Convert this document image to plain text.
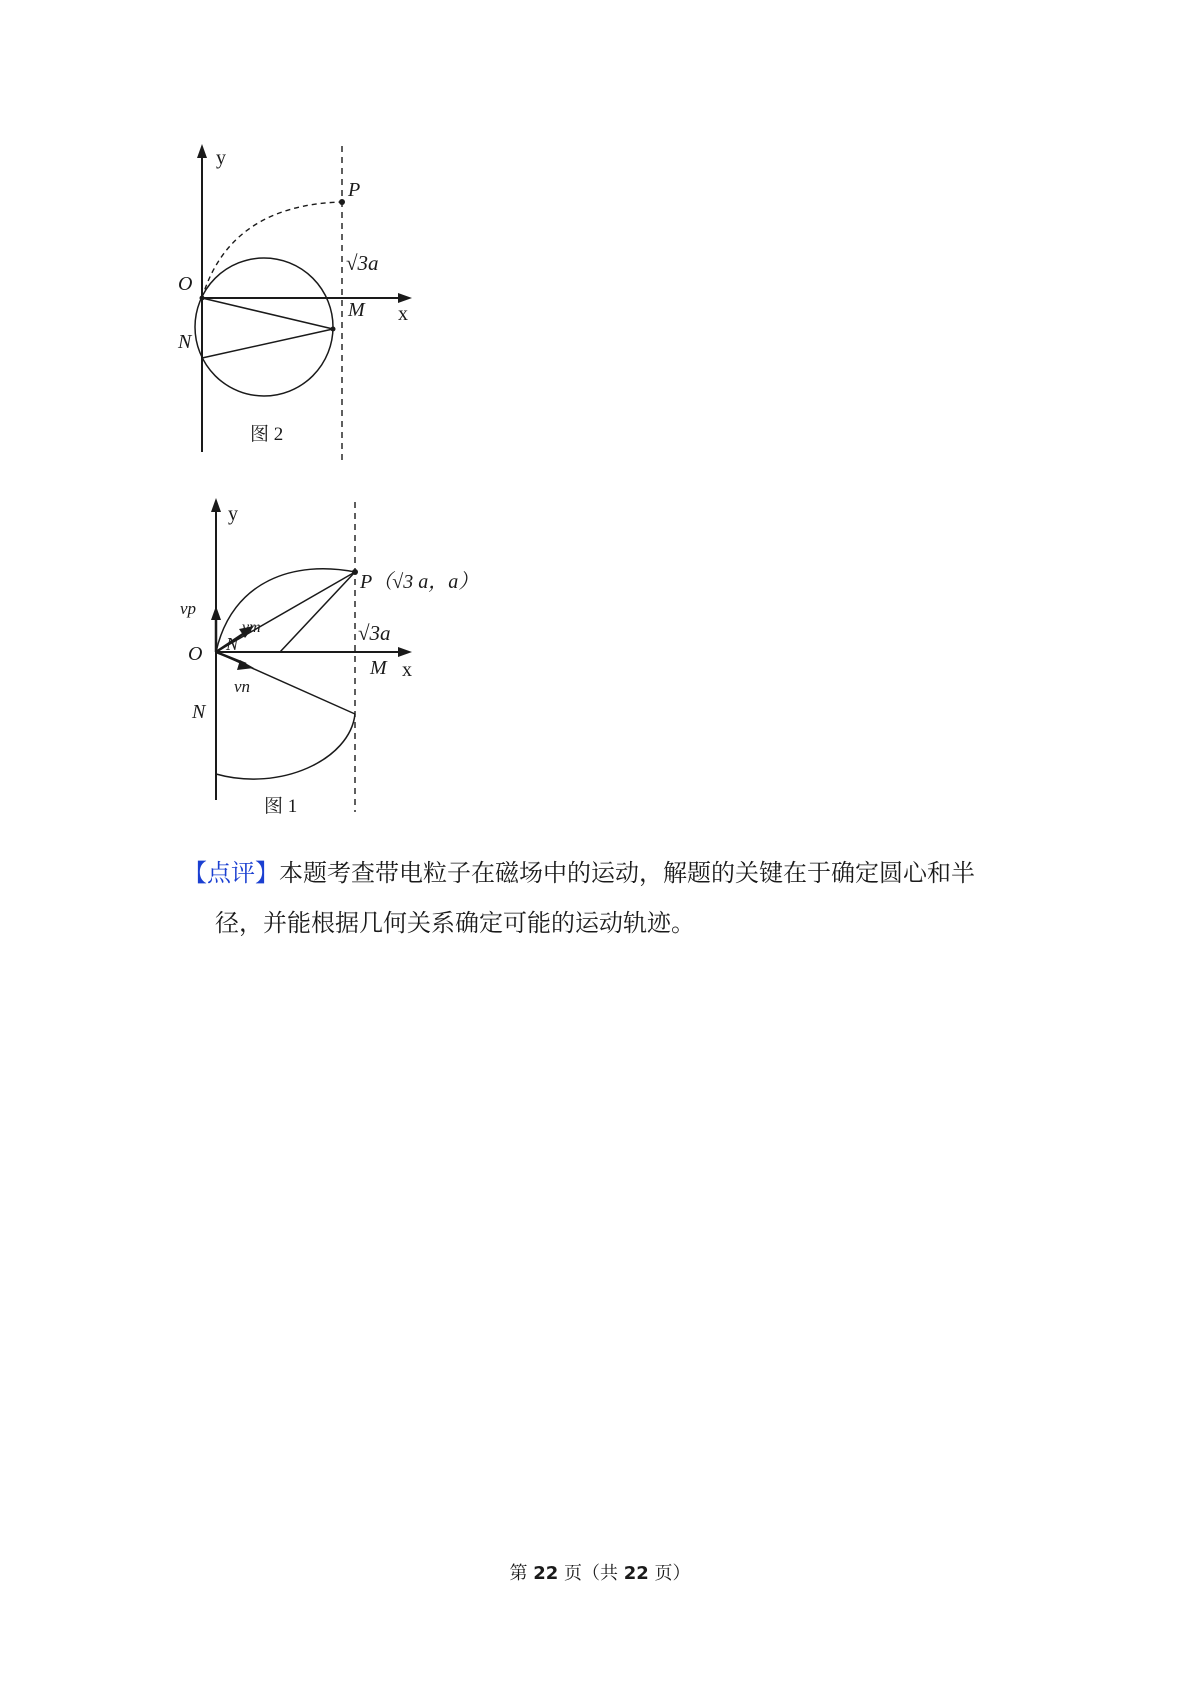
y
x
O
N
M
P
√3a
图 2
y
x
O
N
N
M
P（√3 a，a）
√3a
vp
vm
vn
图 1
【点评】本题考查带电粒子在磁场中的运动，解题的关键在于确定圆心和半
径，并能根据几何关系确定可能的运动轨迹。
第 22 页（共 22 页）
